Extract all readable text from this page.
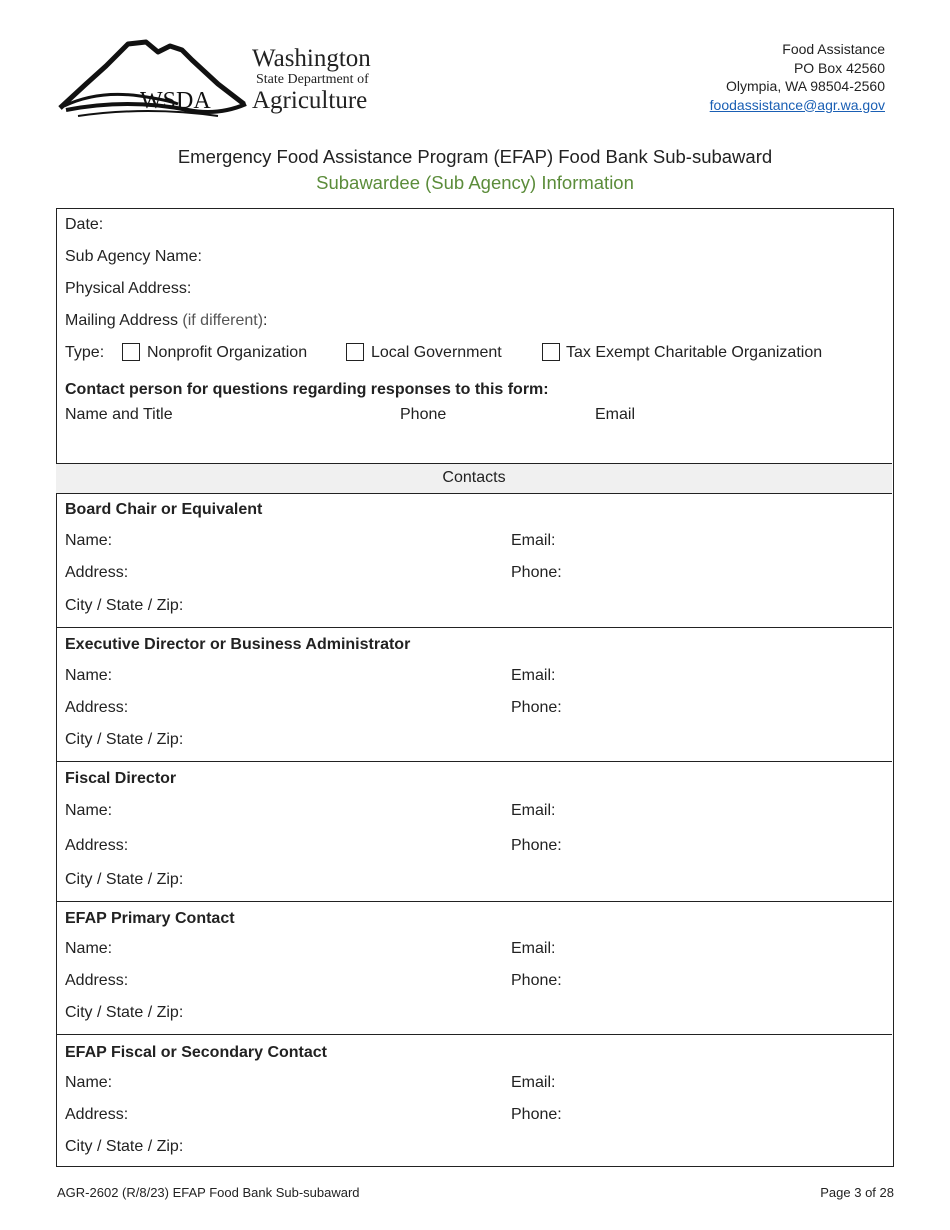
WSDA
Washington
State Department of
Agriculture
Food Assistance
PO Box 42560
Olympia, WA 98504-2560
foodassistance@agr.wa.gov
Emergency Food Assistance Program (EFAP) Food Bank Sub-subaward
Subawardee (Sub Agency) Information
Date:
Sub Agency Name:
Physical Address:
Mailing Address (if different):
Type:	Nonprofit Organization	Local Government	Tax Exempt Charitable Organization
Contact person for questions regarding responses to this form:
Name and Title	Phone	Email
Contacts
Board Chair or Equivalent
Name:	Email:
Address:	Phone:
City / State / Zip:
Executive Director or Business Administrator
Name:	Email:
Address:	Phone:
City / State / Zip:
Fiscal Director
Name:	Email:
Address:	Phone:
City / State / Zip:
EFAP Primary Contact
Name:	Email:
Address:	Phone:
City / State / Zip:
EFAP Fiscal or Secondary Contact
Name:	Email:
Address:	Phone:
City / State / Zip:
AGR-2602 (R/8/23) EFAP Food Bank Sub-subaward	Page 3 of 28
